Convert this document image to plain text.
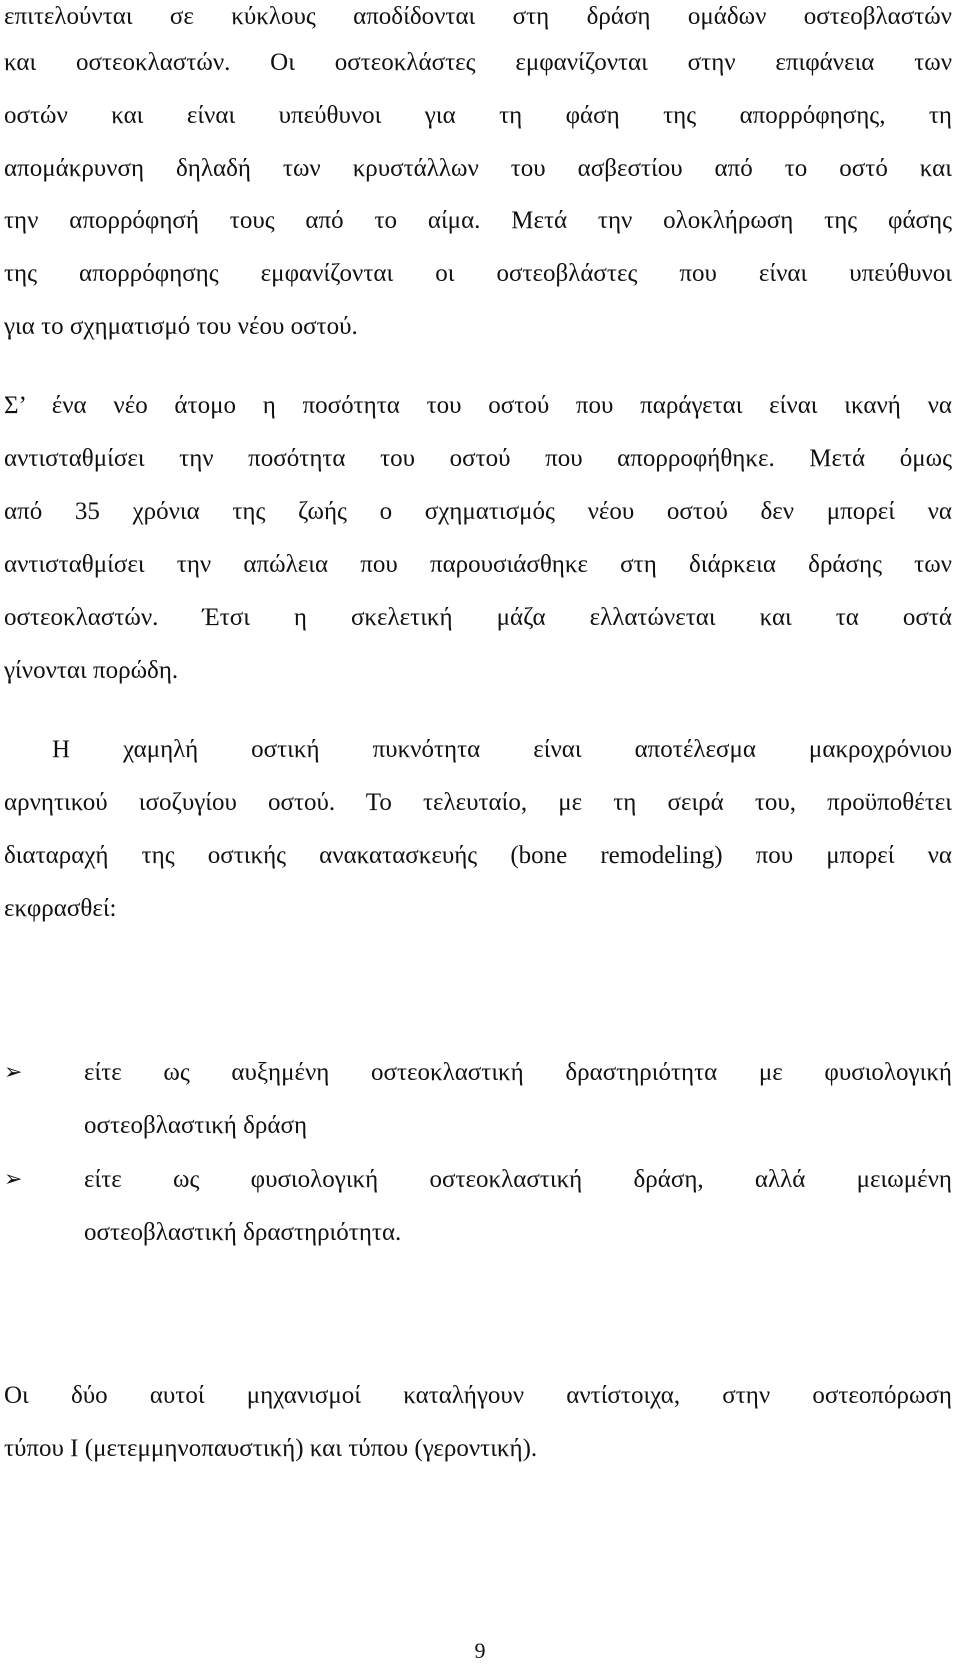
επιτελούνται σε κύκλους αποδίδονται στη δράση ομάδων οστεοβλαστών
και οστεοκλαστών. Οι οστεοκλάστες εμφανίζονται στην επιφάνεια των
οστών και είναι υπεύθυνοι για τη φάση της απορρόφησης, τη
απομάκρυνση δηλαδή των κρυστάλλων του ασβεστίου από το οστό και
την απορρόφησή τους από το αίμα. Μετά την ολοκλήρωση της φάσης
της απορρόφησης εμφανίζονται οι οστεοβλάστες που είναι υπεύθυνοι
για το σχηματισμό του νέου οστού.
Σ’ ένα νέο άτομο η ποσότητα του οστού που παράγεται είναι ικανή να
αντισταθμίσει την ποσότητα του οστού που απορροφήθηκε. Μετά όμως
από 35 χρόνια της ζωής ο σχηματισμός νέου οστού δεν μπορεί να
αντισταθμίσει την απώλεια που παρουσιάσθηκε στη διάρκεια δράσης των
οστεοκλαστών. Έτσι η σκελετική μάζα ελλατώνεται και τα οστά
γίνονται πορώδη.
Η χαμηλή οστική πυκνότητα είναι αποτέλεσμα μακροχρόνιου
αρνητικού ισοζυγίου οστού. Το τελευταίο, με τη σειρά του, προϋποθέτει
διαταραχή της οστικής ανακατασκευής (bone remodeling) που μπορεί να
εκφρασθεί:
➢	είτε ως αυξημένη οστεοκλαστική δραστηριότητα με φυσιολογική
οστεοβλαστική δράση
➢	είτε ως φυσιολογική οστεοκλαστική δράση, αλλά μειωμένη
οστεοβλαστική δραστηριότητα.
Οι δύο αυτοί μηχανισμοί καταλήγουν αντίστοιχα, στην οστεοπόρωση
τύπου Ι (μετεμμηνοπαυστική) και τύπου (γεροντική).
9
